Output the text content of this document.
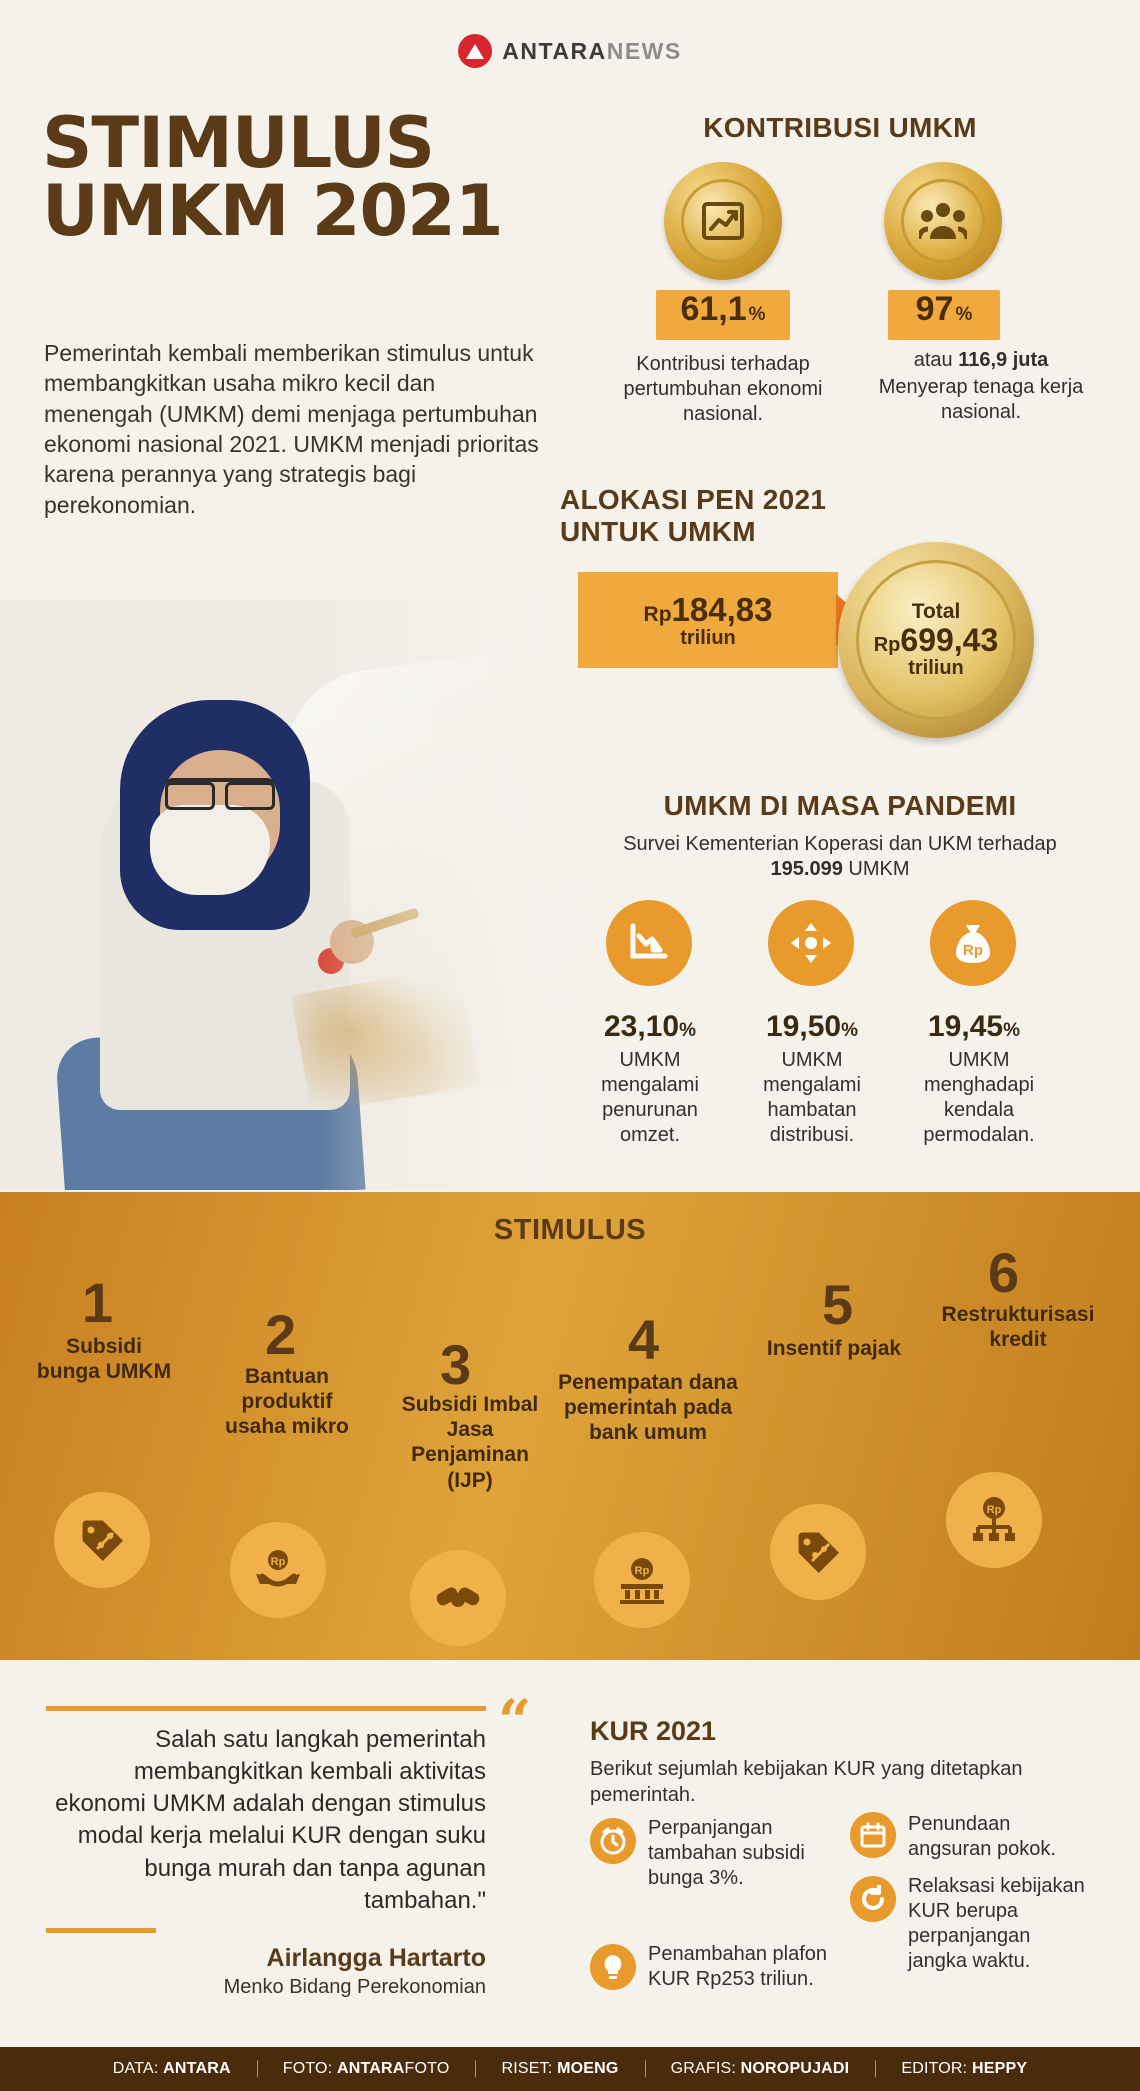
ANTARANEWS
STIMULUS
UMKM 2021
Pemerintah kembali memberikan stimulus untuk membangkitkan usaha mikro kecil dan menengah (UMKM) demi menjaga pertumbuhan ekonomi nasional 2021. UMKM menjadi prioritas karena perannya yang strategis bagi perekonomian.
KONTRIBUSI UMKM
61,1 %	97 %
Kontribusi terhadap pertumbuhan ekonomi nasional.
atau 116,9 juta
Menyerap tenaga kerja nasional.
ALOKASI PEN 2021
UNTUK UMKM
Rp184,83
triliun
Total
Rp699,43
triliun
UMKM DI MASA PANDEMI
Survei Kementerian Koperasi dan UKM terhadap
195.099 UMKM
Rp
23,10%	19,50%	19,45%
UMKM mengalami penurunan omzet.
UMKM mengalami hambatan distribusi.
UMKM menghadapi kendala permodalan.
STIMULUS
1
2	3	4
5
6
Subsidi bunga UMKM	Bantuan produktif usaha mikro
Subsidi Imbal Jasa Penjaminan (IJP)
Penempatan dana pemerintah pada bank umum
Insentif pajak
Restrukturisasi kredit
Rp
Rp
Rp
“
Salah satu langkah pemerintah membangkitkan kembali aktivitas ekonomi UMKM adalah dengan stimulus modal kerja melalui KUR dengan suku bunga murah dan tanpa agunan tambahan."
Airlangga Hartarto
Menko Bidang Perekonomian
KUR 2021
Berikut sejumlah kebijakan KUR yang ditetapkan pemerintah.
Perpanjangan tambahan subsidi bunga 3%.
Penundaan angsuran pokok.
Penambahan plafon KUR Rp253 triliun.
Relaksasi kebijakan KUR berupa perpanjangan jangka waktu.
DATA: ANTARA	FOTO: ANTARAFOTO	RISET: MOENG	GRAFIS: NOROPUJADI	EDITOR: HEPPY
